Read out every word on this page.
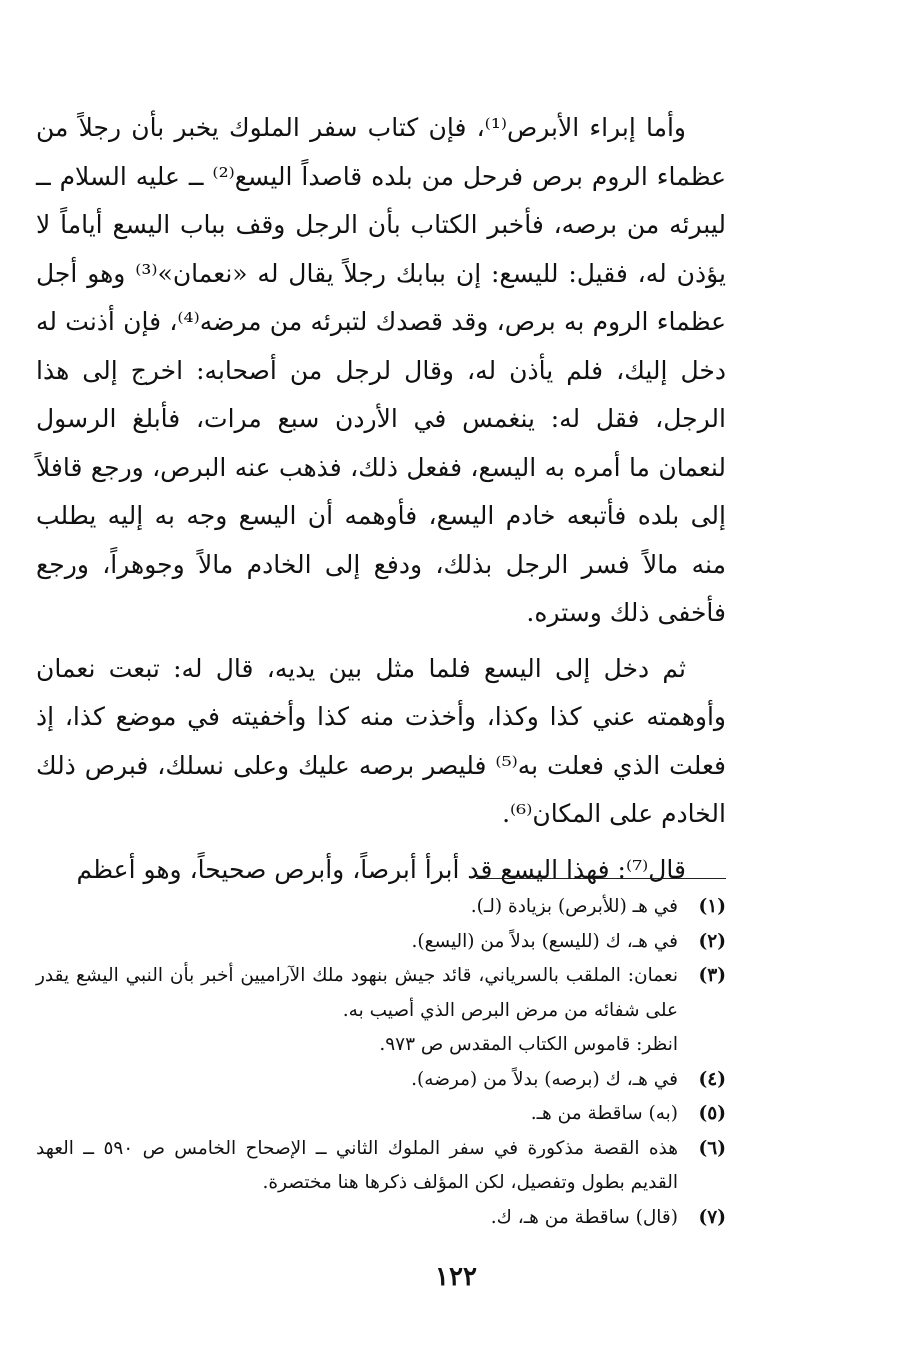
وأما إبراء الأبرص⁽¹⁾، فإن كتاب سفر الملوك يخبر بأن رجلاً من عظماء الروم برص فرحل من بلده قاصداً اليسع⁽²⁾ ــ عليه السلام ــ ليبرئه من برصه، فأخبر الكتاب بأن الرجل وقف بباب اليسع أياماً لا يؤذن له، فقيل: لليسع: إن ببابك رجلاً يقال له «نعمان»⁽³⁾ وهو أجل عظماء الروم به برص، وقد قصدك لتبرئه من مرضه⁽⁴⁾، فإن أذنت له دخل إليك، فلم يأذن له، وقال لرجل من أصحابه: اخرج إلى هذا الرجل، فقل له: ينغمس في الأردن سبع مرات، فأبلغ الرسول لنعمان ما أمره به اليسع، ففعل ذلك، فذهب عنه البرص، ورجع قافلاً إلى بلده فأتبعه خادم اليسع، فأوهمه أن اليسع وجه به إليه يطلب منه مالاً فسر الرجل بذلك، ودفع إلى الخادم مالاً وجوهراً، ورجع فأخفى ذلك وستره.

ثم دخل إلى اليسع فلما مثل بين يديه، قال له: تبعت نعمان وأوهمته عني كذا وكذا، وأخذت منه كذا وأخفيته في موضع كذا، إذ فعلت الذي فعلت به⁽⁵⁾ فليصر برصه عليك وعلى نسلك، فبرص ذلك الخادم على المكان⁽⁶⁾.

قال⁽⁷⁾: فهذا اليسع قد أبرأ أبرصاً، وأبرص صحيحاً، وهو أعظم

(١)
في هـ (للأبرص) بزيادة (لـ).
(٢)
في هـ، ك (لليسع) بدلاً من (اليسع).
(٣)
نعمان: الملقب بالسرياني، قائد جيش بنهود ملك الآراميين أخبر بأن النبي اليشع يقدر على شفائه من مرض البرص الذي أصيب به.
انظر: قاموس الكتاب المقدس ص ٩٧٣.
(٤)
في هـ، ك (برصه) بدلاً من (مرضه).
(٥)
(به) ساقطة من هـ.
(٦)
هذه القصة مذكورة في سفر الملوك الثاني ــ الإصحاح الخامس ص ٥٩٠ ــ العهد القديم بطول وتفصيل، لكن المؤلف ذكرها هنا مختصرة.
(٧)
(قال) ساقطة من هـ، ك.
١٢٢
